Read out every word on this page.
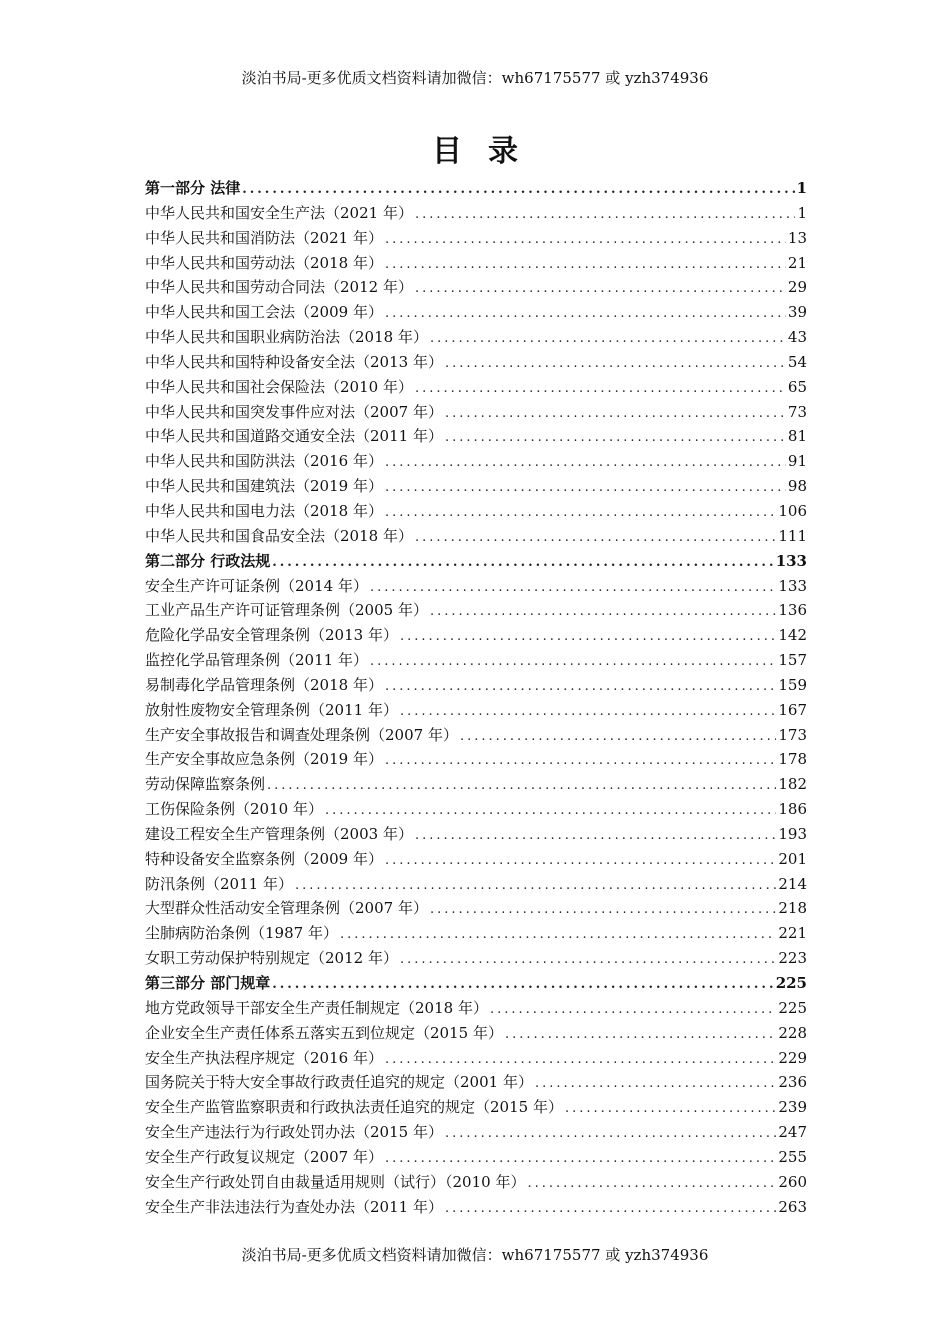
淡泊书局-更多优质文档资料请加微信：wh67175577 或 yzh374936
目录
第一部分 法律 .....	1
中华人民共和国安全生产法（2021 年） .....	1
中华人民共和国消防法（2021 年） .....	13
中华人民共和国劳动法（2018 年） .....	21
中华人民共和国劳动合同法（2012 年） .....	29
中华人民共和国工会法（2009 年） .....	39
中华人民共和国职业病防治法（2018 年） .....	43
中华人民共和国特种设备安全法（2013 年） .....	54
中华人民共和国社会保险法（2010 年） .....	65
中华人民共和国突发事件应对法（2007 年） .....	73
中华人民共和国道路交通安全法（2011 年） .....	81
中华人民共和国防洪法（2016 年） .....	91
中华人民共和国建筑法（2019 年） .....	98
中华人民共和国电力法（2018 年） .....	106
中华人民共和国食品安全法（2018 年） .....	111
第二部分 行政法规 .....	133
安全生产许可证条例（2014 年） .....	133
工业产品生产许可证管理条例（2005 年） .....	136
危险化学品安全管理条例（2013 年） .....	142
监控化学品管理条例（2011 年） .....	157
易制毒化学品管理条例（2018 年） .....	159
放射性废物安全管理条例（2011 年） .....	167
生产安全事故报告和调查处理条例（2007 年） .....	173
生产安全事故应急条例（2019 年） .....	178
劳动保障监察条例 .....	182
工伤保险条例（2010 年） .....	186
建设工程安全生产管理条例（2003 年） .....	193
特种设备安全监察条例（2009 年） .....	201
防汛条例（2011 年） .....	214
大型群众性活动安全管理条例（2007 年） .....	218
尘肺病防治条例（1987 年） .....	221
女职工劳动保护特别规定（2012 年） .....	223
第三部分 部门规章 .....	225
地方党政领导干部安全生产责任制规定（2018 年） .....	225
企业安全生产责任体系五落实五到位规定（2015 年） .....	228
安全生产执法程序规定（2016 年） .....	229
国务院关于特大安全事故行政责任追究的规定（2001 年） .....	236
安全生产监管监察职责和行政执法责任追究的规定（2015 年） .....	239
安全生产违法行为行政处罚办法（2015 年） .....	247
安全生产行政复议规定（2007 年） .....	255
安全生产行政处罚自由裁量适用规则（试行）（2010 年） .....	260
安全生产非法违法行为查处办法（2011 年） .....	263
淡泊书局-更多优质文档资料请加微信：wh67175577 或 yzh374936
